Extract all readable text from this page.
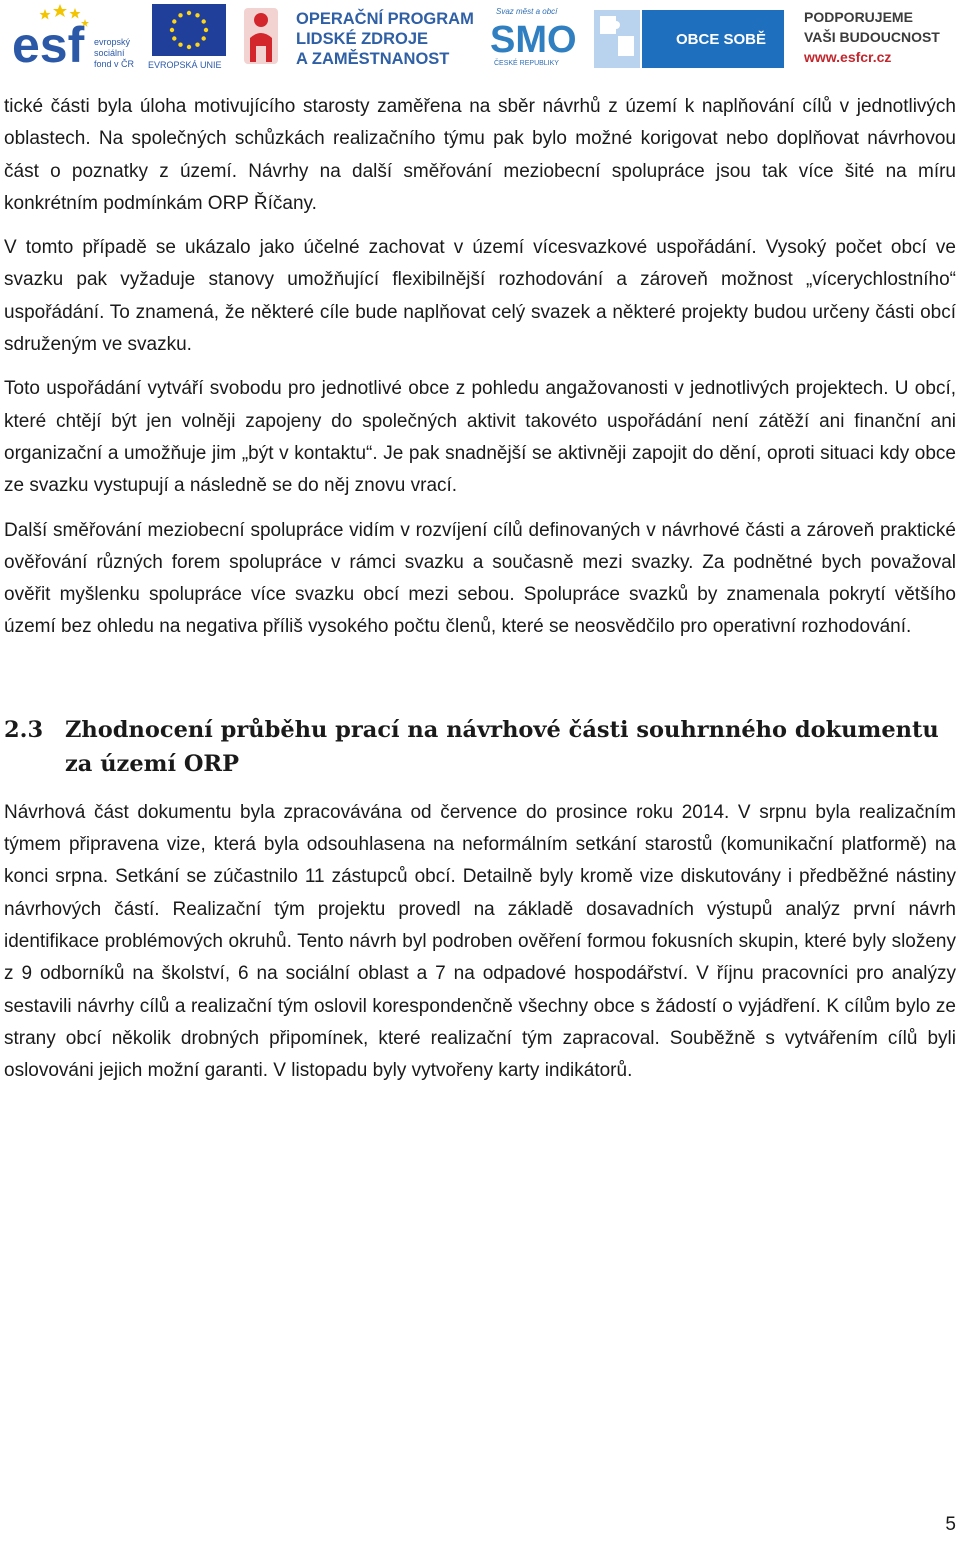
esf evropský
sociální
fond v ČR EVROPSKÁ UNIE
OPERAČNÍ PROGRAM
LIDSKÉ ZDROJE
A ZAMĚSTNANOST
Svaz měst a obcí
SMO
ČESKÉ REPUBLIKY
OBCE SOBĚ
PODPORUJEME
VAŠI BUDOUCNOST
www.esfcr.cz

tické části byla úloha motivujícího starosty zaměřena na sběr návrhů z území k naplňování cílů v jednotlivých oblastech. Na společných schůzkách realizačního týmu pak bylo možné korigovat nebo doplňovat návrhovou část o poznatky z území. Návrhy na další směřování meziobecní spolupráce jsou tak více šité na míru konkrétním podmínkám ORP Říčany.

V tomto případě se ukázalo jako účelné zachovat v území vícesvazkové uspořádání. Vysoký počet obcí ve svazku pak vyžaduje stanovy umožňující flexibilnější rozhodování a zároveň možnost „vícerychlostního“ uspořádání. To znamená, že některé cíle bude naplňovat celý svazek a některé projekty budou určeny části obcí sdruženým ve svazku.

Toto uspořádání vytváří svobodu pro jednotlivé obce z pohledu angažovanosti v jednotlivých projektech. U obcí, které chtějí být jen volněji zapojeny do společných aktivit takovéto uspořádání není zátěží ani finanční ani organizační a umožňuje jim „být v kontaktu“. Je pak snadnější se aktivněji zapojit do dění, oproti situaci kdy obce ze svazku vystupují a následně se do něj znovu vrací.

Další směřování meziobecní spolupráce vidím v rozvíjení cílů definovaných v návrhové části a zároveň praktické ověřování různých forem spolupráce v rámci svazku a současně mezi svazky. Za podnětné bych považoval ověřit myšlenku spolupráce více svazku obcí mezi sebou. Spolupráce svazků by znamenala pokrytí většího území bez ohledu na negativa příliš vysokého počtu členů, které se neosvědčilo pro operativní rozhodování.

2.3 Zhodnocení průběhu prací na návrhové části souhrnného dokumentu za území ORP

Návrhová část dokumentu byla zpracovávána od července do prosince roku 2014. V srpnu byla realizačním týmem připravena vize, která byla odsouhlasena na neformálním setkání starostů (komunikační platformě) na konci srpna. Setkání se zúčastnilo 11 zástupců obcí. Detailně byly kromě vize diskutovány i předběžné nástiny návrhových částí. Realizační tým projektu provedl na základě dosavadních výstupů analýz první návrh identifikace problémových okruhů. Tento návrh byl podroben ověření formou fokusních skupin, které byly složeny z 9 odborníků na školství, 6 na sociální oblast a 7 na odpadové hospodářství. V říjnu pracovníci pro analýzy sestavili návrhy cílů a realizační tým oslovil korespondenčně všechny obce s žádostí o vyjádření. K cílům bylo ze strany obcí několik drobných připomínek, které realizační tým zapracoval. Souběžně s vytvářením cílů byli oslovováni jejich možní garanti. V listopadu byly vytvořeny karty indikátorů.

5
